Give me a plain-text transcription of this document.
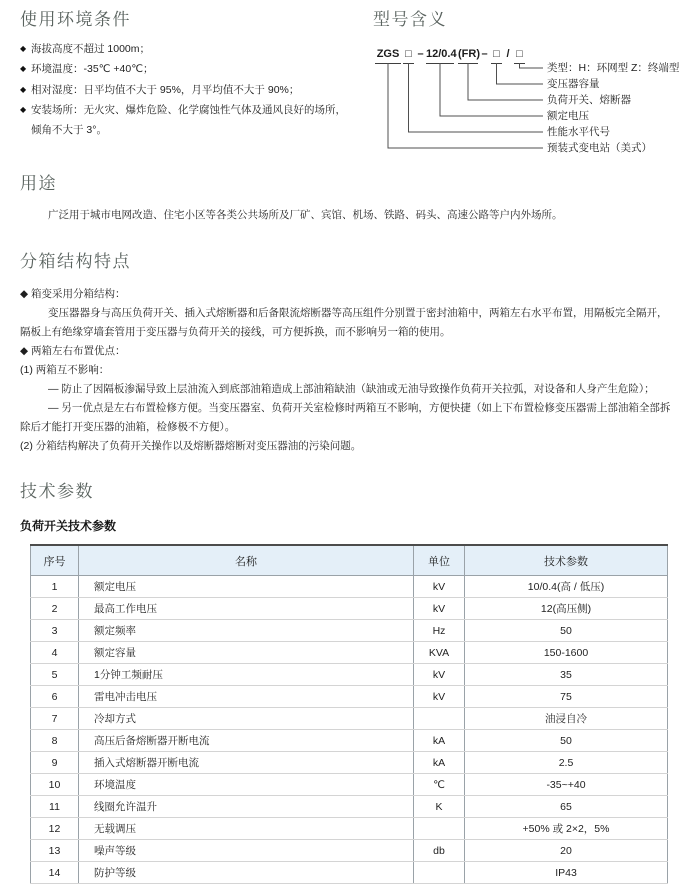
使用环境条件
◆ 海拔高度不超过 1000m；
◆ 环境温度：-35℃ +40℃；
◆ 相对湿度：日平均值不大于 95%，月平均值不大于 90%；
◆ 安装场所：无火灾、爆炸危险、化学腐蚀性气体及通风良好的场所，
倾角不大于 3°。
型号含义
ZGS □ – 12/0.4 (FR) – □ / □
类型：H：环网型 Z：终端型
变压器容量
负荷开关、熔断器
额定电压
性能水平代号
预装式变电站（美式）
用途

广泛用于城市电网改造、住宅小区等各类公共场所及厂矿、宾馆、机场、铁路、码头、高速公路等户内外场所。

分箱结构特点
◆ 箱变采用分箱结构：
变压器器身与高压负荷开关、插入式熔断器和后备限流熔断器等高压组件分别置于密封油箱中，两箱左右水平布置，用隔板完全隔开，
隔板上有绝缘穿墙套管用于变压器与负荷开关的接线，可方便拆换，而不影响另一箱的使用。
◆ 两箱左右布置优点：
(1) 两箱互不影响：
— 防止了因隔板渗漏导致上层油流入到底部油箱造成上部油箱缺油（缺油或无油导致操作负荷开关拉弧，对设备和人身产生危险）；
— 另一优点是左右布置检修方便。当变压器室、负荷开关室检修时两箱互不影响，方便快捷（如上下布置检修变压器需上部油箱全部拆
除后才能打开变压器的油箱，检修极不方便）。
(2) 分箱结构解决了负荷开关操作以及熔断器熔断对变压器油的污染问题。
技术参数
负荷开关技术参数
序号	名称	单位	技术参数
1	额定电压	kV	10/0.4(高 / 低压)
2	最高工作电压	kV	12(高压侧)
3	额定频率	Hz	50
4	额定容量	KVA	150-1600
5	1分钟工频耐压	kV	35
6	雷电冲击电压	kV	75
7	冷却方式		油浸自冷
8	高压后备熔断器开断电流	kA	50
9	插入式熔断器开断电流	kA	2.5
10	环境温度	℃	-35~+40
11	线圈允许温升	K	65
12	无载调压		+50% 或 2×2，5%
13	噪声等级	db	20
14	防护等级		IP43
